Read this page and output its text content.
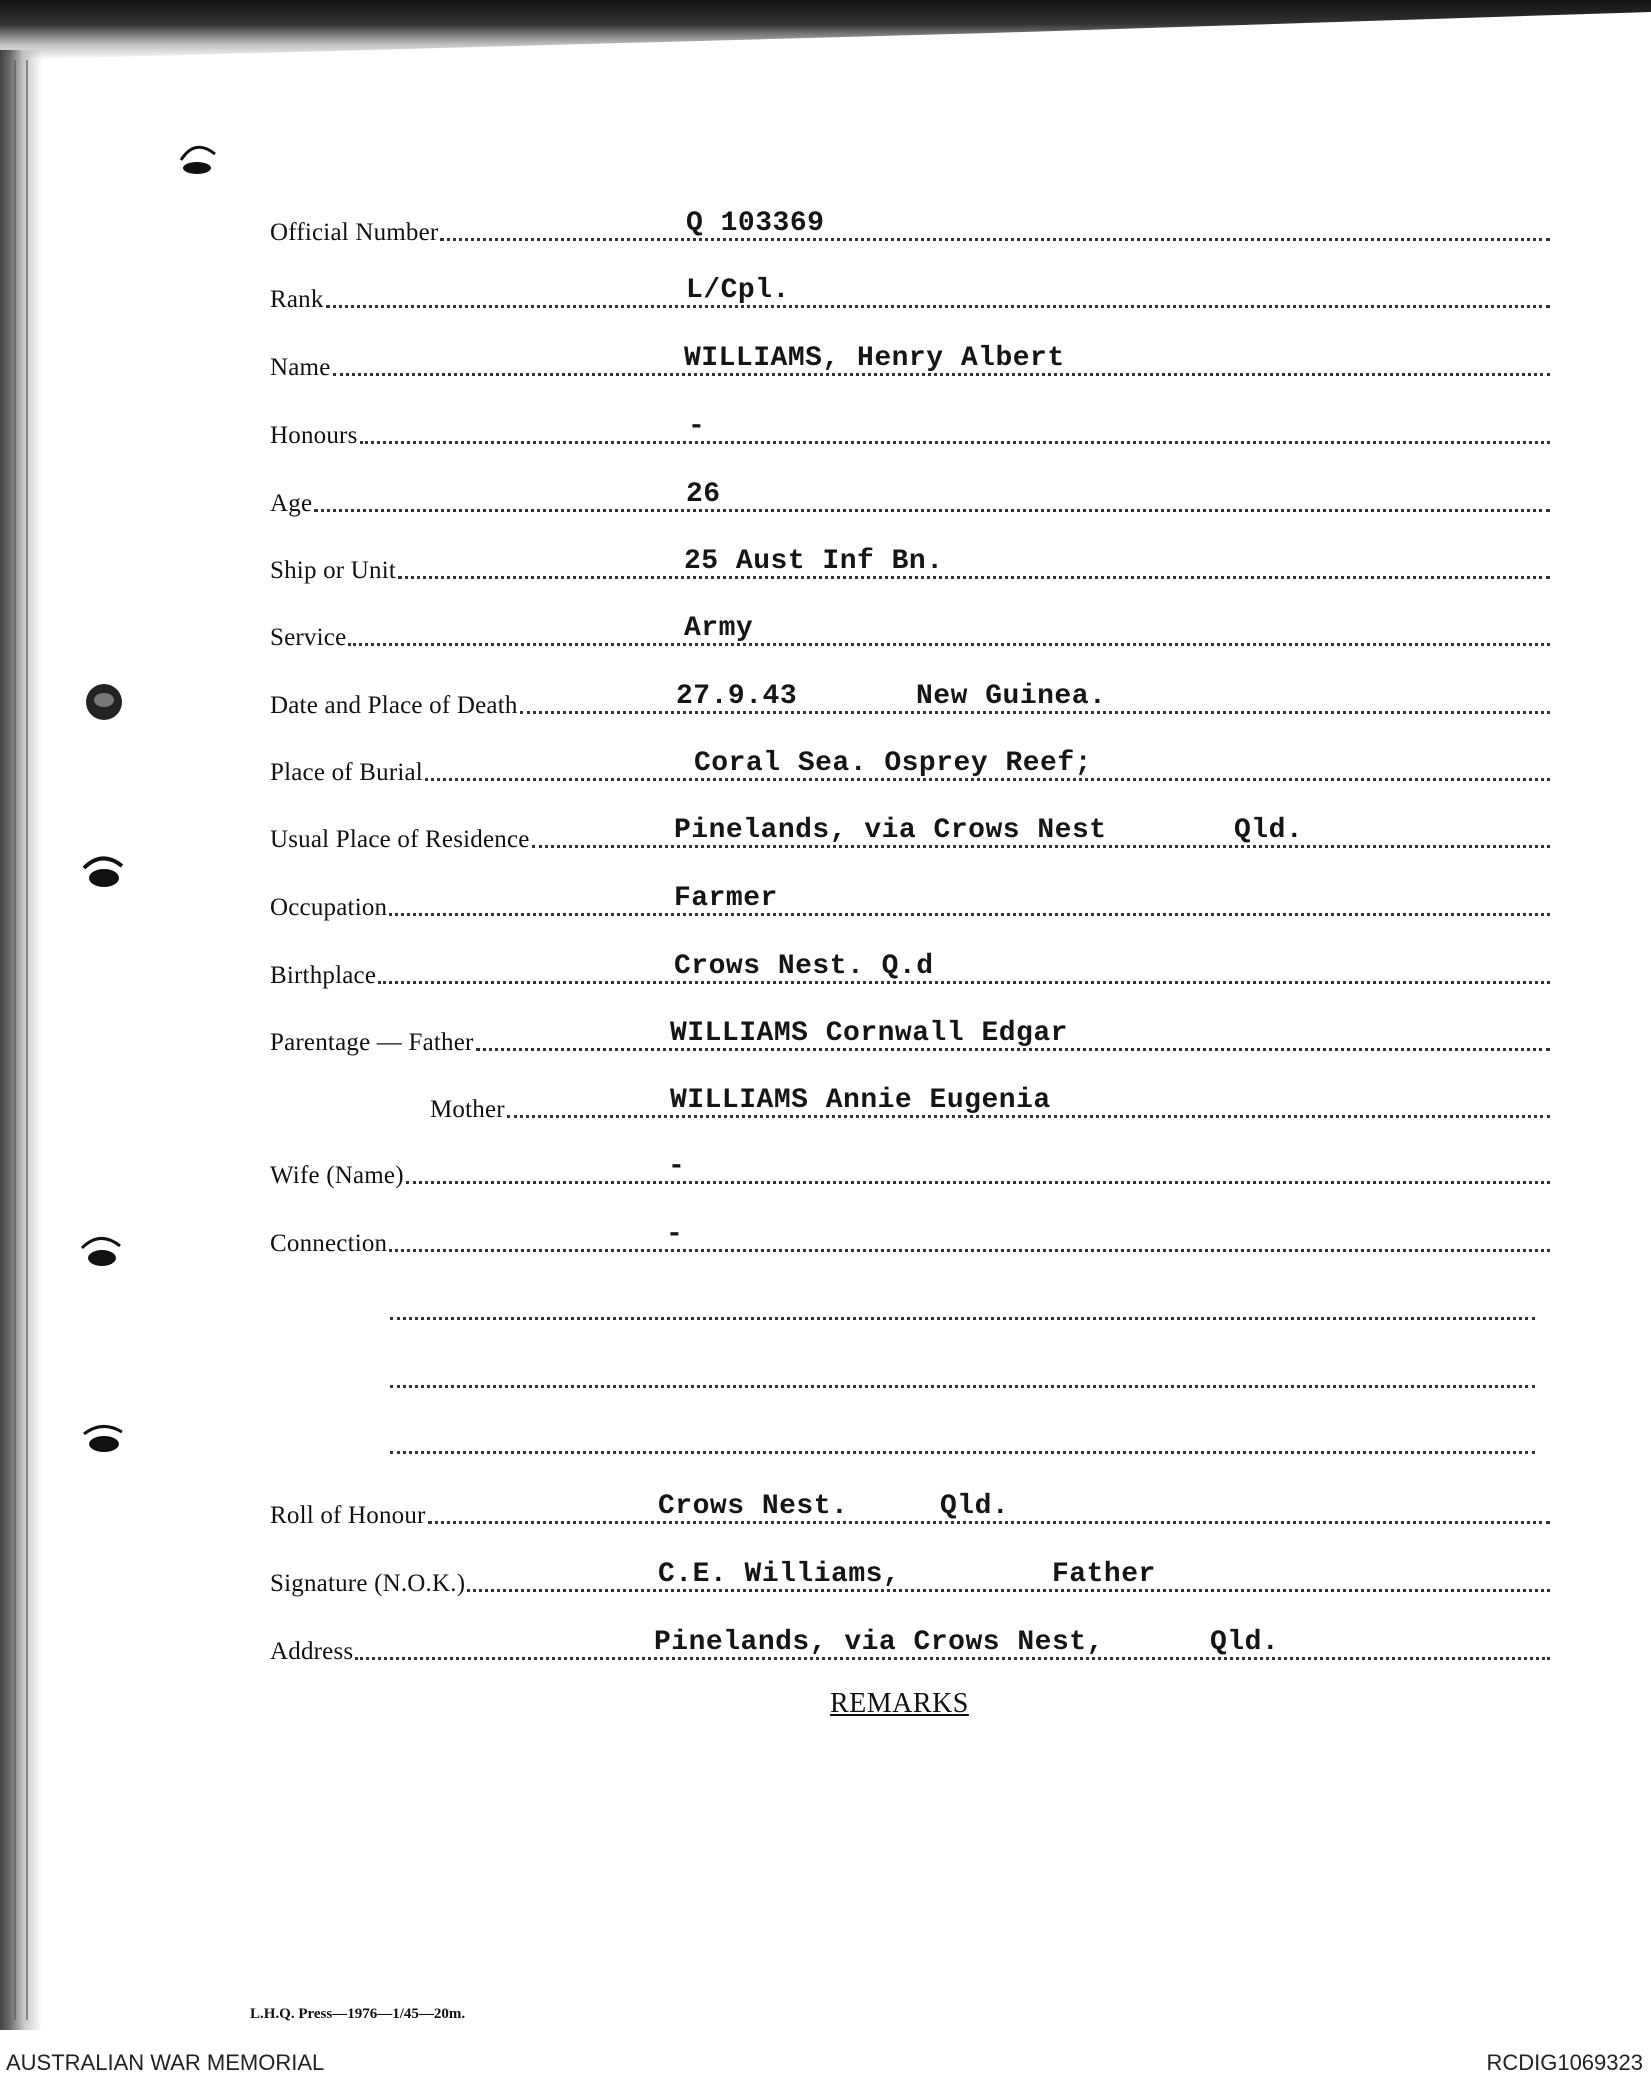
Official Number	Q 103369
Rank	L/Cpl.
Name	WILLIAMS, Henry Albert
Honours	-
Age	26
Ship or Unit	25 Aust Inf Bn.
Service	Army
Date and Place of Death	27.9.43	New Guinea.
Place of Burial	Coral Sea. Osprey Reef;
Usual Place of Residence	Pinelands, via Crows Nest	Qld.
Occupation	Farmer
Birthplace	Crows Nest. Q.d
Parentage — Father	WILLIAMS Cornwall Edgar
Mother	WILLIAMS Annie Eugenia
Wife (Name)	-
Connection	-
Roll of Honour	Crows Nest.	Qld.
Signature (N.O.K.)	C.E. Williams,	Father
Address	Pinelands, via Crows Nest,	Qld.
REMARKS
L.H.Q. Press—1976—1/45—20m.
AUSTRALIAN WAR MEMORIAL	RCDIG1069323
